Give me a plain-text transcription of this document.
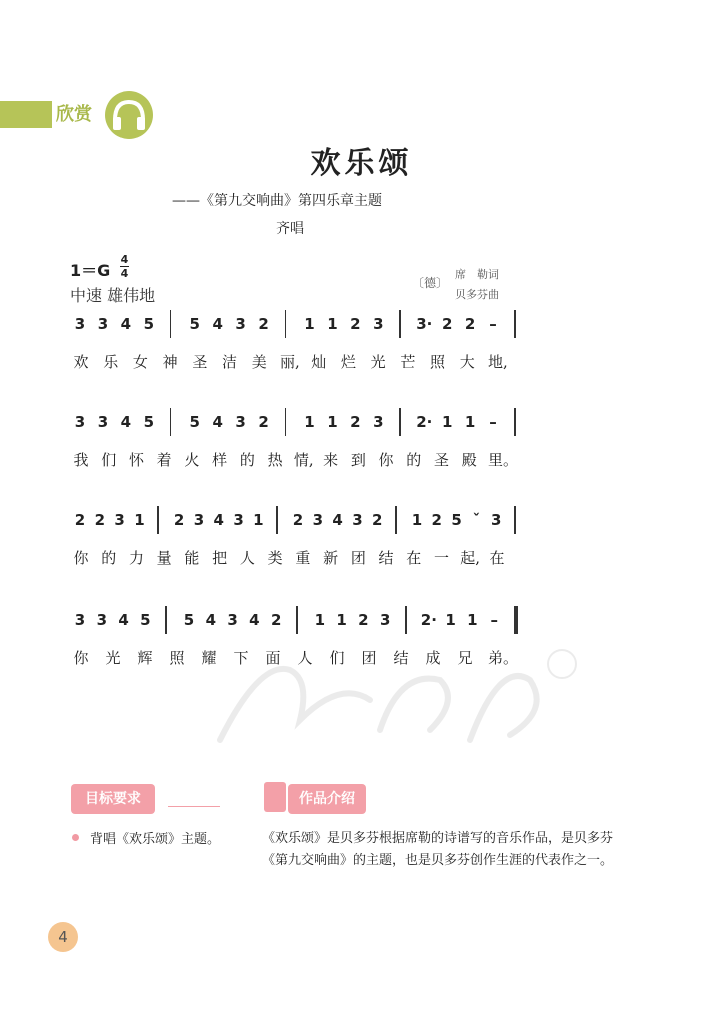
欣赏
欢乐颂
——《第九交响曲》第四乐章主题
齐唱
1＝G
4
4
中速 雄伟地
〔德〕
席　勒词
贝多芬曲
3 3 4 5 5 4 3 2 1 1 2 3 3· 2 2 –
欢 乐 女 神 圣 洁 美 丽, 灿 烂 光 芒 照 大 地,
3 3 4 5 5 4 3 2 1 1 2 3 2· 1 1 –
我 们 怀 着 火 样 的 热 情, 来 到 你 的 圣 殿 里。
2 2 3 1 2 3 4 3 1 2 3 4 3 2 1 2 5 ˇ 3
你 的 力 量 能 把 人 类 重 新 团 结 在 一 起, 在
3 3 4 5 5 4 3 4 2 1 1 2 3 2· 1 1 –
你 光 辉 照 耀 下 面 人 们 团 结 成 兄 弟。
目标要求	作品介绍
背唱《欢乐颂》主题。	《欢乐颂》是贝多芬根据席勒的诗谱写的音乐作品，是贝多芬《第九交响曲》的主题，也是贝多芬创作生涯的代表作之一。
4
